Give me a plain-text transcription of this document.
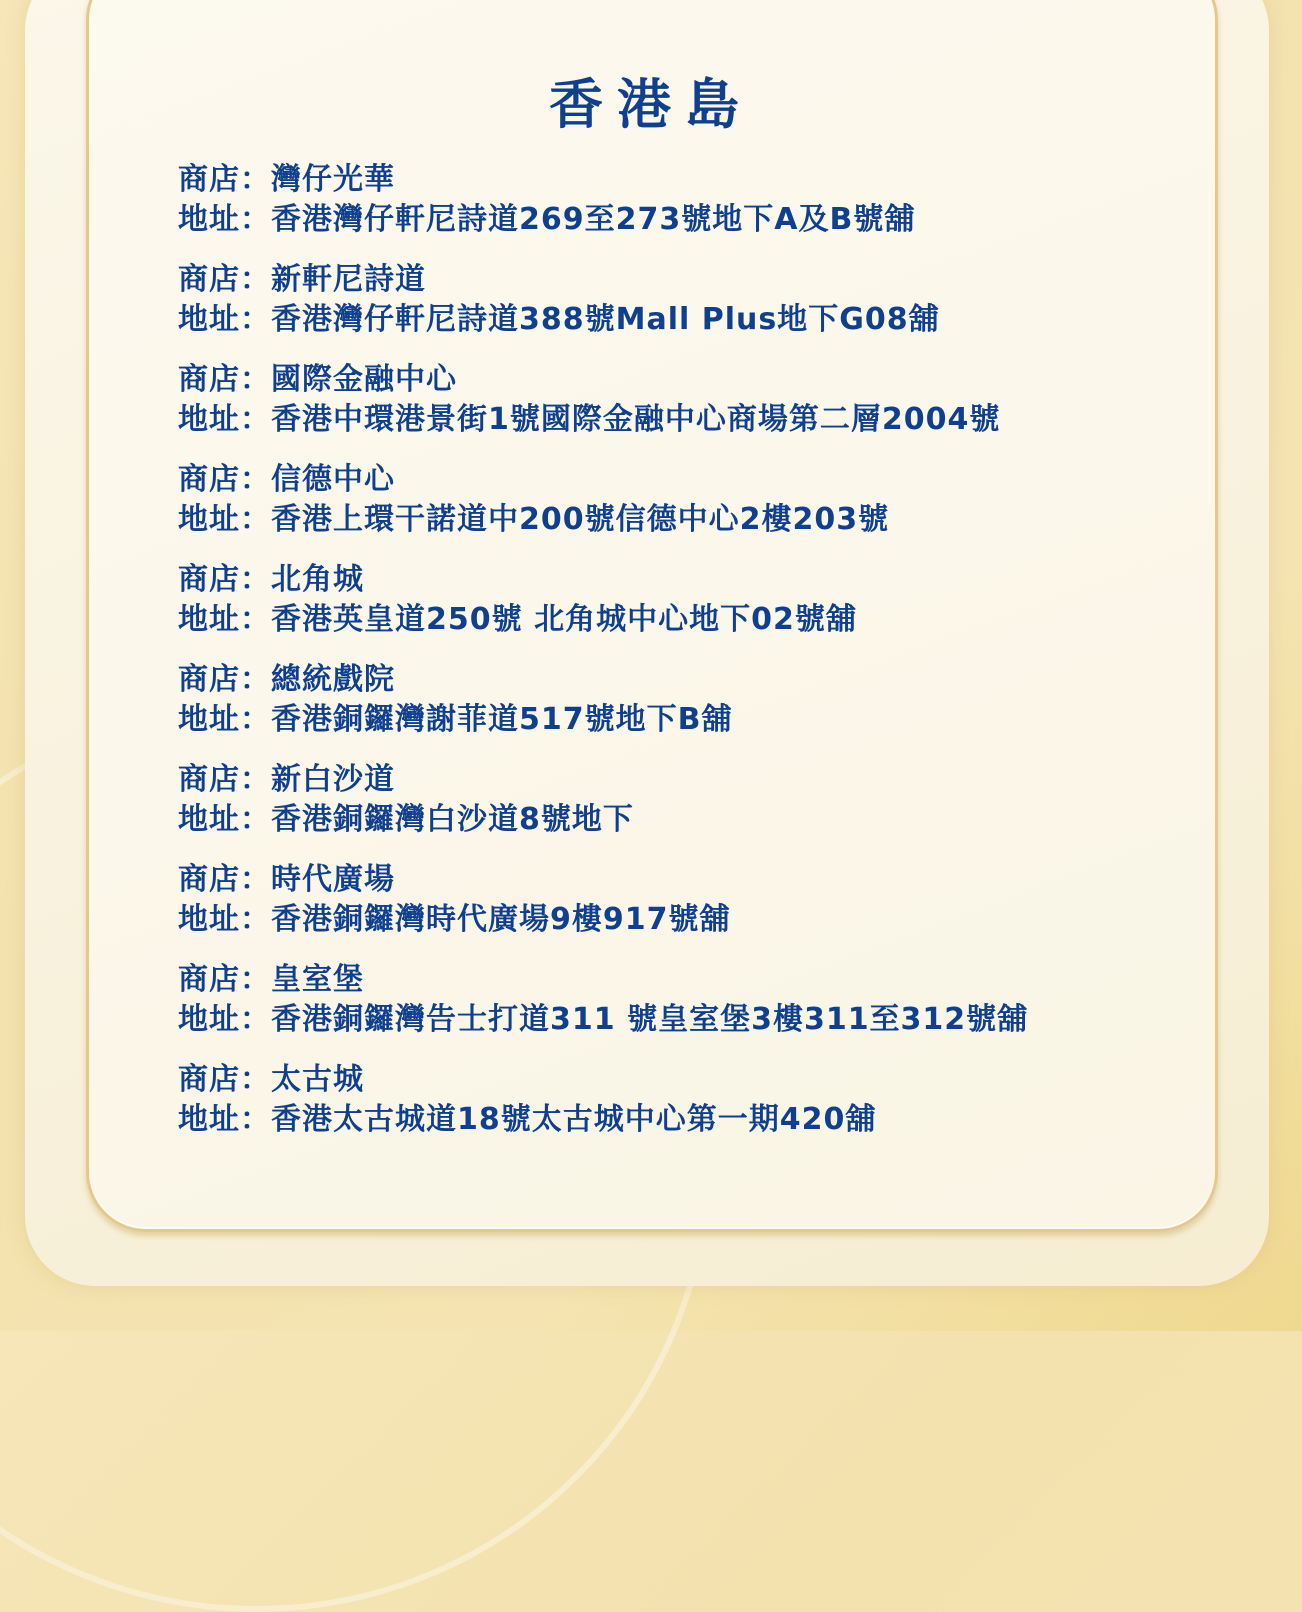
香港島
商店：灣仔光華
地址：香港灣仔軒尼詩道269至273號地下A及B號舖
商店：新軒尼詩道
地址：香港灣仔軒尼詩道388號Mall Plus地下G08舖
商店：國際金融中心
地址：香港中環港景街1號國際金融中心商場第二層2004號
商店：信德中心
地址：香港上環干諾道中200號信德中心2樓203號
商店：北角城
地址：香港英皇道250號 北角城中心地下02號舖
商店：總統戲院
地址：香港銅鑼灣謝菲道517號地下B舖
商店：新白沙道
地址：香港銅鑼灣白沙道8號地下
商店：時代廣場
地址：香港銅鑼灣時代廣場9樓917號舖
商店：皇室堡
地址：香港銅鑼灣告士打道311 號皇室堡3樓311至312號舖
商店：太古城
地址：香港太古城道18號太古城中心第一期420舖
